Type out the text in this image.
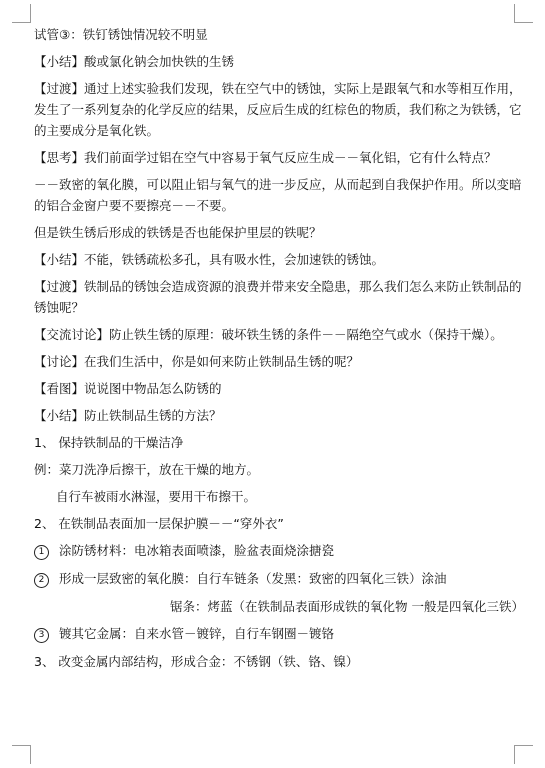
试管③：铁钉锈蚀情况较不明显
【小结】酸或氯化钠会加快铁的生锈
【过渡】通过上述实验我们发现，铁在空气中的锈蚀，实际上是跟氧气和水等相互作用，
发生了一系列复杂的化学反应的结果，反应后生成的红棕色的物质，我们称之为铁锈，它
的主要成分是氧化铁。
【思考】我们前面学过铝在空气中容易于氧气反应生成－－氧化铝，它有什么特点？
－－致密的氧化膜，可以阻止铝与氧气的进一步反应，从而起到自我保护作用。所以变暗
的铝合金窗户要不要擦亮－－不要。
但是铁生锈后形成的铁锈是否也能保护里层的铁呢？
【小结】不能，铁锈疏松多孔，具有吸水性，会加速铁的锈蚀。
【过渡】铁制品的锈蚀会造成资源的浪费并带来安全隐患，那么我们怎么来防止铁制品的
锈蚀呢？
【交流讨论】防止铁生锈的原理：破坏铁生锈的条件－－隔绝空气或水（保持干燥）。
【讨论】在我们生活中，你是如何来防止铁制品生锈的呢？
【看图】说说图中物品怎么防锈的
【小结】防止铁制品生锈的方法？
1、 保持铁制品的干燥洁净
例：菜刀洗净后擦干，放在干燥的地方。
自行车被雨水淋湿，要用干布擦干。
2、 在铁制品表面加一层保护膜－－“穿外衣”
1 涂防锈材料：电冰箱表面喷漆，脸盆表面烧涂搪瓷
2 形成一层致密的氧化膜：自行车链条（发黑：致密的四氧化三铁）涂油
锯条：烤蓝（在铁制品表面形成铁的氧化物 一般是四氧化三铁）
3 镀其它金属：自来水管－镀锌，自行车钢圈－镀铬
3、 改变金属内部结构，形成合金：不锈钢（铁、铬、镍）
